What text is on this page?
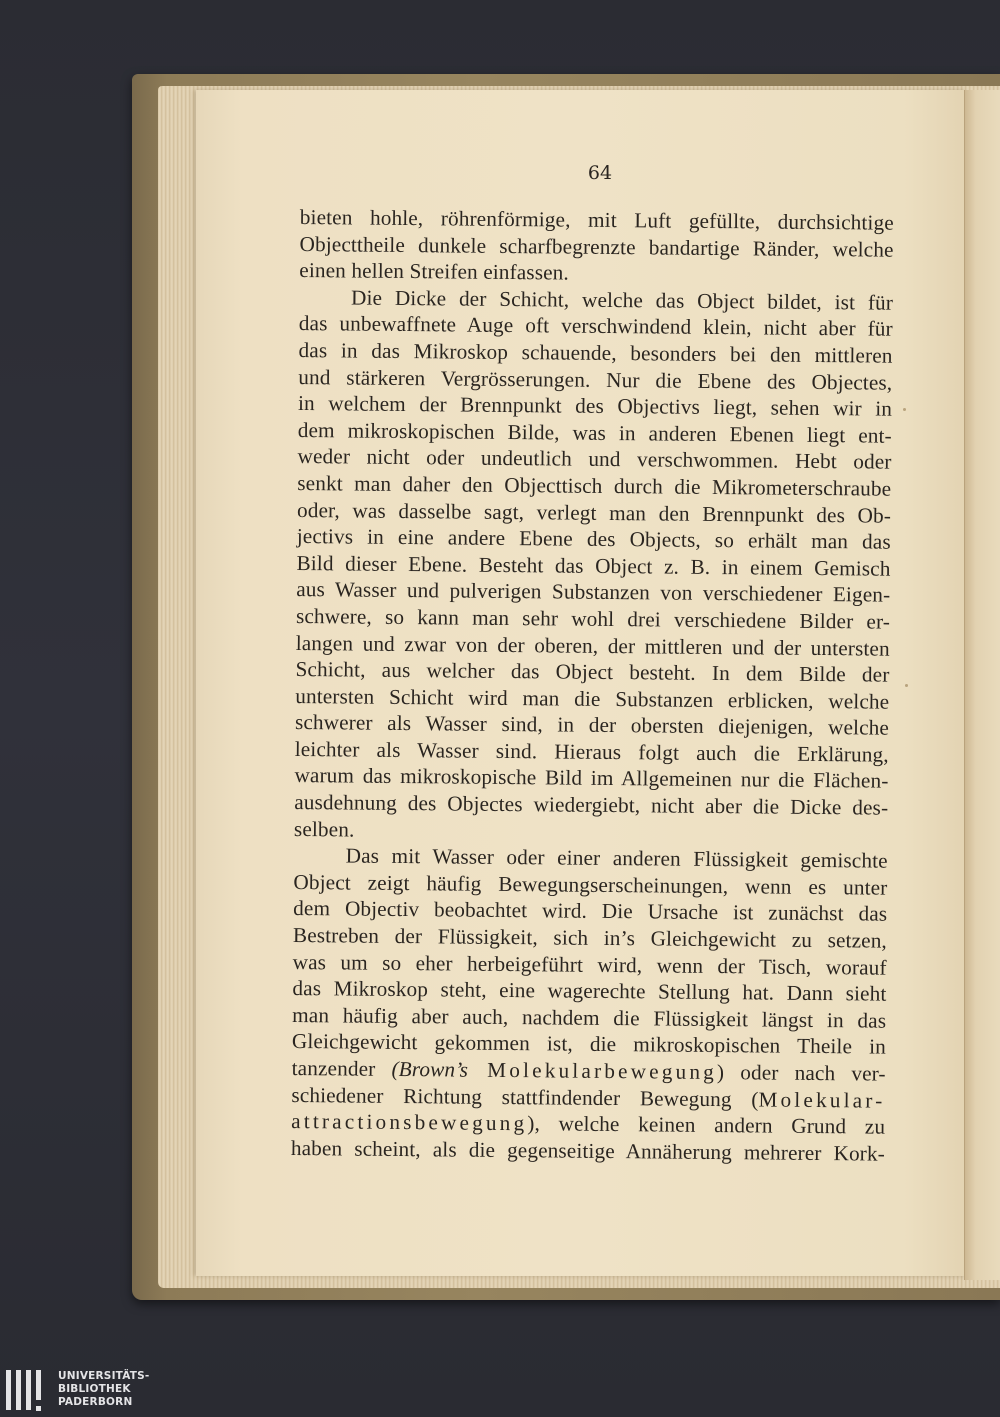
64
bieten hohle, röhrenförmige, mit Luft gefüllte, durchsichtige
Objecttheile dunkele scharfbegrenzte bandartige Ränder, welche
einen hellen Streifen einfassen.
Die Dicke der Schicht, welche das Object bildet, ist für
das unbewaffnete Auge oft verschwindend klein, nicht aber für
das in das Mikroskop schauende, besonders bei den mittleren
und stärkeren Vergrösserungen. Nur die Ebene des Objectes,
in welchem der Brennpunkt des Objectivs liegt, sehen wir in
dem mikroskopischen Bilde, was in anderen Ebenen liegt ent-
weder nicht oder undeutlich und verschwommen. Hebt oder
senkt man daher den Objecttisch durch die Mikrometerschraube
oder, was dasselbe sagt, verlegt man den Brennpunkt des Ob-
jectivs in eine andere Ebene des Objects, so erhält man das
Bild dieser Ebene. Besteht das Object z. B. in einem Gemisch
aus Wasser und pulverigen Substanzen von verschiedener Eigen-
schwere, so kann man sehr wohl drei verschiedene Bilder er-
langen und zwar von der oberen, der mittleren und der untersten
Schicht, aus welcher das Object besteht. In dem Bilde der
untersten Schicht wird man die Substanzen erblicken, welche
schwerer als Wasser sind, in der obersten diejenigen, welche
leichter als Wasser sind. Hieraus folgt auch die Erklärung,
warum das mikroskopische Bild im Allgemeinen nur die Flächen-
ausdehnung des Objectes wiedergiebt, nicht aber die Dicke des-
selben.
Das mit Wasser oder einer anderen Flüssigkeit gemischte
Object zeigt häufig Bewegungserscheinungen, wenn es unter
dem Objectiv beobachtet wird. Die Ursache ist zunächst das
Bestreben der Flüssigkeit, sich in’s Gleichgewicht zu setzen,
was um so eher herbeigeführt wird, wenn der Tisch, worauf
das Mikroskop steht, eine wagerechte Stellung hat. Dann sieht
man häufig aber auch, nachdem die Flüssigkeit längst in das
Gleichgewicht gekommen ist, die mikroskopischen Theile in
tanzender (Brown’s Molekularbewegung) oder nach ver-
schiedener Richtung stattfindender Bewegung (Molekular-
attractionsbewegung), welche keinen andern Grund zu
haben scheint, als die gegenseitige Annäherung mehrerer Kork-
UNIVERSITÄTS-
BIBLIOTHEK
PADERBORN
